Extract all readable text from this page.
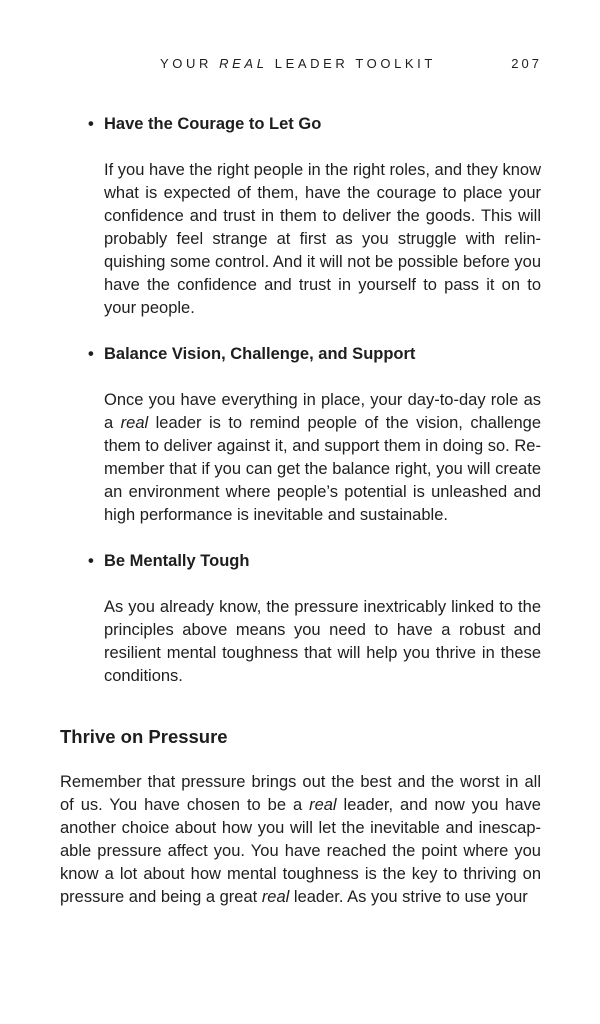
YOUR REAL LEADER TOOLKIT	207
• Have the Courage to Let Go

If you have the right people in the right roles, and they know what is expected of them, have the courage to place your confidence and trust in them to deliver the goods. This will probably feel strange at first as you struggle with relinquishing some control. And it will not be possible before you have the confidence and trust in yourself to pass it on to your people.

• Balance Vision, Challenge, and Support

Once you have everything in place, your day-to-day role as a real leader is to remind people of the vision, challenge them to deliver against it, and support them in doing so. Remember that if you can get the balance right, you will create an environment where people’s potential is unleashed and high performance is inevitable and sustainable.

• Be Mentally Tough

As you already know, the pressure inextricably linked to the principles above means you need to have a robust and resilient mental toughness that will help you thrive in these conditions.

Thrive on Pressure

Remember that pressure brings out the best and the worst in all of us. You have chosen to be a real leader, and now you have another choice about how you will let the inevitable and inescapable pressure affect you. You have reached the point where you know a lot about how mental toughness is the key to thriving on pressure and being a great real leader. As you strive to use your
